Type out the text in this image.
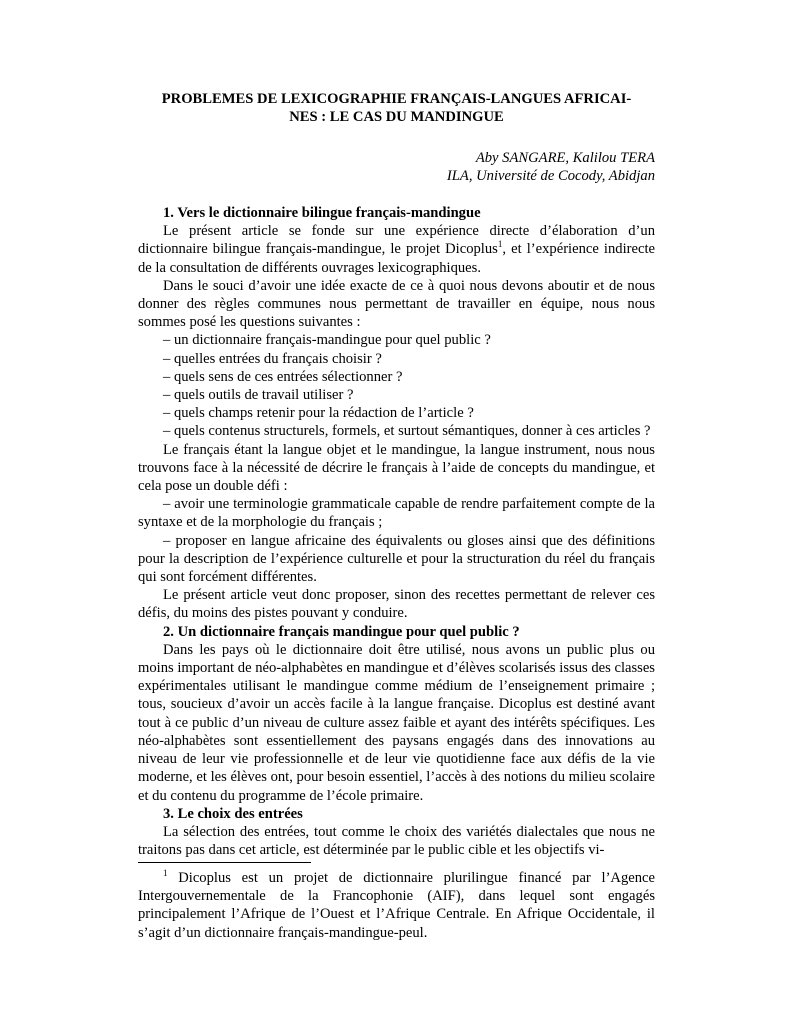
PROBLEMES DE LEXICOGRAPHIE FRANÇAIS-LANGUES AFRICAI-
NES : LE CAS DU MANDINGUE
Aby SANGARE, Kalilou TERA
ILA, Université de Cocody, Abidjan
1. Vers le dictionnaire bilingue français-mandingue

Le présent article se fonde sur une expérience directe d’élaboration d’un dictionnaire bilingue français-mandingue, le projet Dicoplus$^1$, et l’expérience indirecte de la consultation de différents ouvrages lexicographiques.

Dans le souci d’avoir une idée exacte de ce à quoi nous devons aboutir et de nous donner des règles communes nous permettant de travailler en équipe, nous nous sommes posé les questions suivantes :

– un dictionnaire français-mandingue pour quel public ?

– quelles entrées du français choisir ?

– quels sens de ces entrées sélectionner ?

– quels outils de travail utiliser ?

– quels champs retenir pour la rédaction de l’article ?

– quels contenus structurels, formels, et surtout sémantiques, donner à ces articles ?

Le français étant la langue objet et le mandingue, la langue instrument, nous nous trouvons face à la nécessité de décrire le français à l’aide de concepts du mandingue, et cela pose un double défi :

– avoir une terminologie grammaticale capable de rendre parfaitement compte de la syntaxe et de la morphologie du français ;

– proposer en langue africaine des équivalents ou gloses ainsi que des définitions pour la description de l’expérience culturelle et pour la structuration du réel du français qui sont forcément différentes.

Le présent article veut donc proposer, sinon des recettes permettant de relever ces défis, du moins des pistes pouvant y conduire.

2. Un dictionnaire français mandingue pour quel public ?

Dans les pays où le dictionnaire doit être utilisé, nous avons un public plus ou moins important de néo-alphabètes en mandingue et d’élèves scolarisés issus des classes expérimentales utilisant le mandingue comme médium de l’enseignement primaire ; tous, soucieux d’avoir un accès facile à la langue française. Dicoplus est destiné avant tout à ce public d’un niveau de culture assez faible et ayant des intérêts spécifiques. Les néo-alphabètes sont essentiellement des paysans engagés dans des innovations au niveau de leur vie professionnelle et de leur vie quotidienne face aux défis de la vie moderne, et les élèves ont, pour besoin essentiel, l’accès à des notions du milieu scolaire et du contenu du programme de l’école primaire.

3. Le choix des entrées

La sélection des entrées, tout comme le choix des variétés dialectales que nous ne traitons pas dans cet article, est déterminée par le public cible et les objectifs vi-

$^1$ Dicoplus est un projet de dictionnaire plurilingue financé par l’Agence Intergouvernementale de la Francophonie (AIF), dans lequel sont engagés principalement l’Afrique de l’Ouest et l’Afrique Centrale. En Afrique Occidentale, il s’agit d’un dictionnaire français-mandingue-peul.
